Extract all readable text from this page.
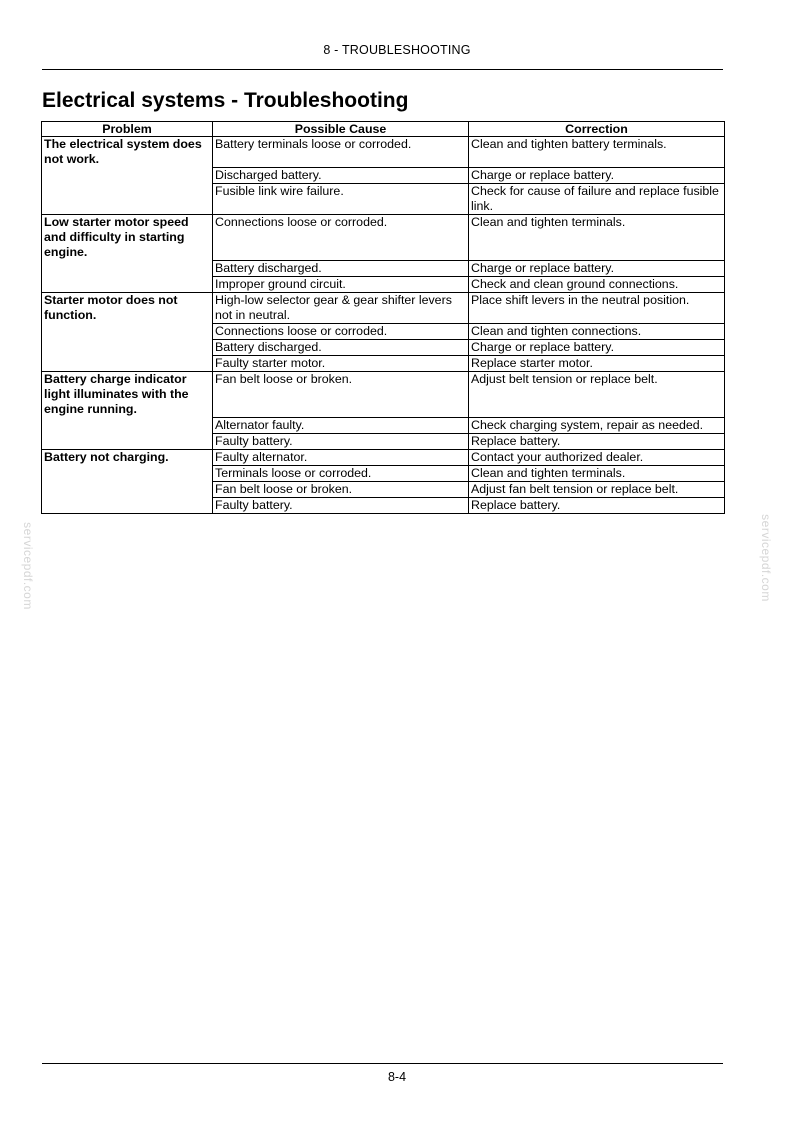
8 - TROUBLESHOOTING
Electrical systems - Troubleshooting
Problem	Possible Cause	Correction
The electrical system does not work.	Battery terminals loose or corroded.	Clean and tighten battery terminals.
	Discharged battery.	Charge or replace battery.
	Fusible link wire failure.	Check for cause of failure and replace fusible link.
Low starter motor speed and difficulty in starting engine.	Connections loose or corroded.	Clean and tighten terminals.
	Battery discharged.	Charge or replace battery.
	Improper ground circuit.	Check and clean ground connections.
Starter motor does not function.	High-low selector gear & gear shifter levers not in neutral.	Place shift levers in the neutral position.
	Connections loose or corroded.	Clean and tighten connections.
	Battery discharged.	Charge or replace battery.
	Faulty starter motor.	Replace starter motor.
Battery charge indicator light illuminates with the engine running.	Fan belt loose or broken.	Adjust belt tension or replace belt.
	Alternator faulty.	Check charging system, repair as needed.
	Faulty battery.	Replace battery.
Battery not charging.	Faulty alternator.	Contact your authorized dealer.
	Terminals loose or corroded.	Clean and tighten terminals.
	Fan belt loose or broken.	Adjust fan belt tension or replace belt.
	Faulty battery.	Replace battery.
servicepdf.com	servicepdf.com
8-4
